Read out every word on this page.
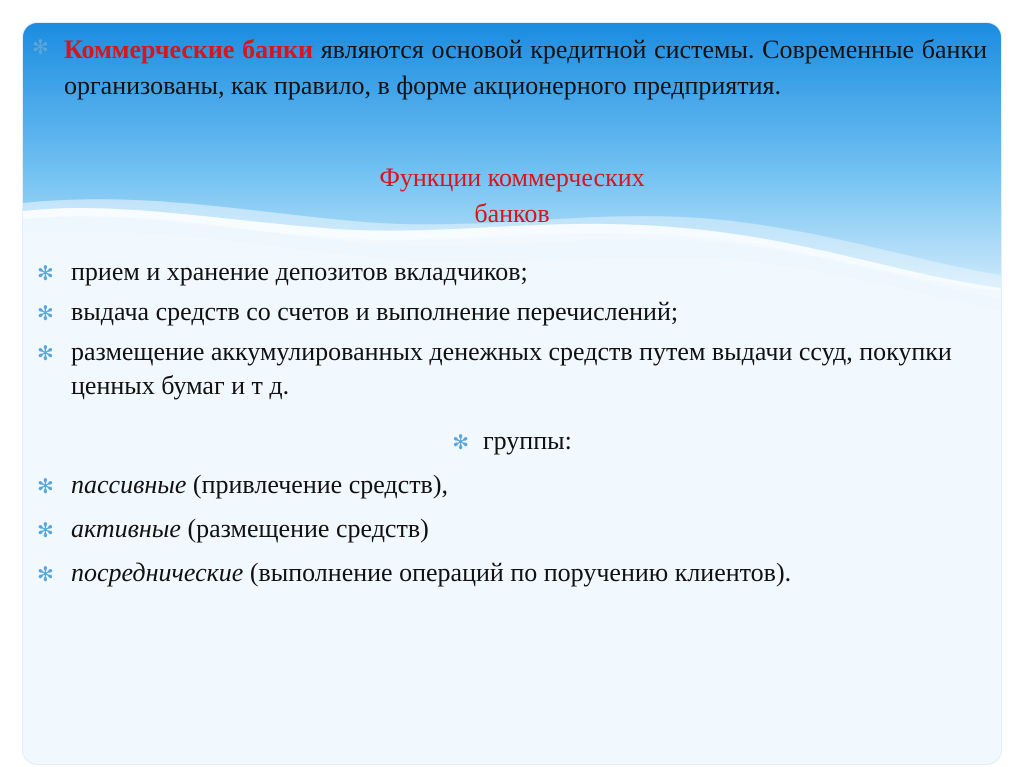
✻ Коммерческие банки являются основой кредитной системы. Современные банки организованы, как правило, в форме акционерного предприятия.
Функции коммерческих
банков
✻ прием и хранение депозитов вкладчиков;
✻ выдача средств со счетов и выполнение перечислений;
✻ размещение аккумулированных денежных средств путем выдачи ссуд, покупки ценных бумаг и т д.
✻ группы:
✻ пассивные (привлечение средств),
✻ активные (размещение средств)
✻ посреднические (выполнение операций по поручению клиентов).
